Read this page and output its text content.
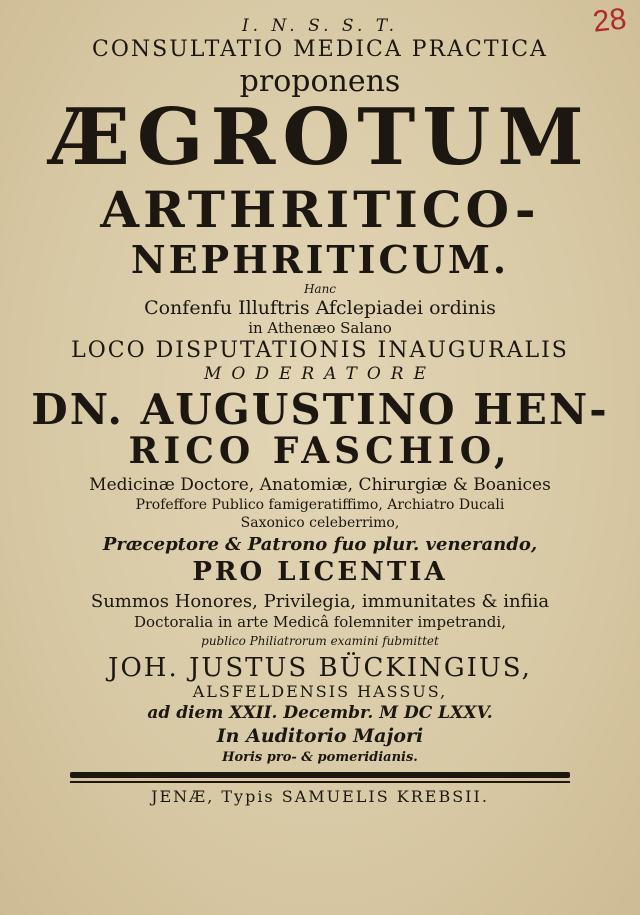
28
I. N. S. S. T.
CONSULTATIO MEDICA PRACTICA
proponens
ÆGROTUM
ARTHRITICO-
NEPHRITICUM.
Hanc
Confenfu Illuftris Afclepiadei ordinis
in Athenæo Salano
LOCO DISPUTATIONIS INAUGURALIS
MODERATORE
DN. AUGUSTINO HEN-
RICO FASCHIO,
Medicinæ Doctore, Anatomiæ, Chirurgiæ & Boanices
Profeffore Publico famigeratiffimo, Archiatro Ducali
Saxonico celeberrimo,
Præceptore & Patrono fuo plur. venerando,
PRO LICENTIA
Summos Honores, Privilegia, immunitates & infiia
Doctoralia in arte Medicâ folemniter impetrandi,
publico Philiatrorum examini fubmittet
JOH. JUSTUS BÜCKINGIUS,
ALSFELDENSIS HASSUS,
ad diem XXII. Decembr. M DC LXXV.
In Auditorio Majori
Horis pro- & pomeridianis.
JENÆ, Typis SAMUELIS KREBSII.
